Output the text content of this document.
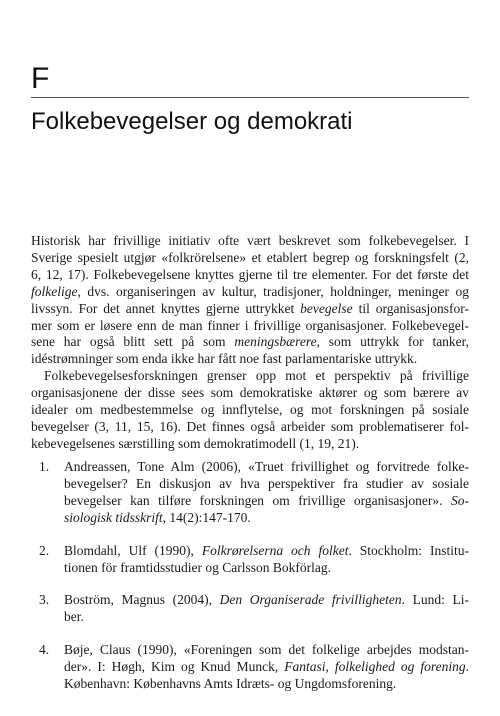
F
Folkebevegelser og demokrati
Historisk har frivillige initiativ ofte vært beskrevet som folkebevegelser. I
Sverige spesielt utgjør «folkrörelsene» et etablert begrep og forskningsfelt (2,
6, 12, 17). Folkebevegelsene knyttes gjerne til tre elementer. For det første det
folkelige, dvs. organiseringen av kultur, tradisjoner, holdninger, meninger og
livssyn. For det annet knyttes gjerne uttrykket bevegelse til organisasjonsfor-
mer som er løsere enn de man finner i frivillige organisasjoner. Folkebevegel-
sene har også blitt sett på som meningsbærere, som uttrykk for tanker,
idéstrømninger som enda ikke har fått noe fast parlamentariske uttrykk.
Folkebevegelsesforskningen grenser opp mot et perspektiv på frivillige
organisasjonene der disse sees som demokratiske aktører og som bærere av
idealer om medbestemmelse og innflytelse, og mot forskningen på sosiale
bevegelser (3, 11, 15, 16). Det finnes også arbeider som problematiserer fol-
kebevegelsenes særstilling som demokratimodell (1, 19, 21).
1. Andreassen, Tone Alm (2006), «Truet frivillighet og forvitrede folke-
bevegelser? En diskusjon av hva perspektiver fra studier av sosiale
bevegelser kan tilføre forskningen om frivillige organisasjoner». So-
siologisk tidsskrift, 14(2):147-170.
2. Blomdahl, Ulf (1990), Folkrørelserna och folket. Stockholm: Institu-
tionen för framtidsstudier og Carlsson Bokförlag.
3. Boström, Magnus (2004), Den Organiserade frivilligheten. Lund: Li-
ber.
4. Bøje, Claus (1990), «Foreningen som det folkelige arbejdes modstan-
der». I: Høgh, Kim og Knud Munck, Fantasi, folkelighed og forening.
København: Københavns Amts Idræts- og Ungdomsforening.
